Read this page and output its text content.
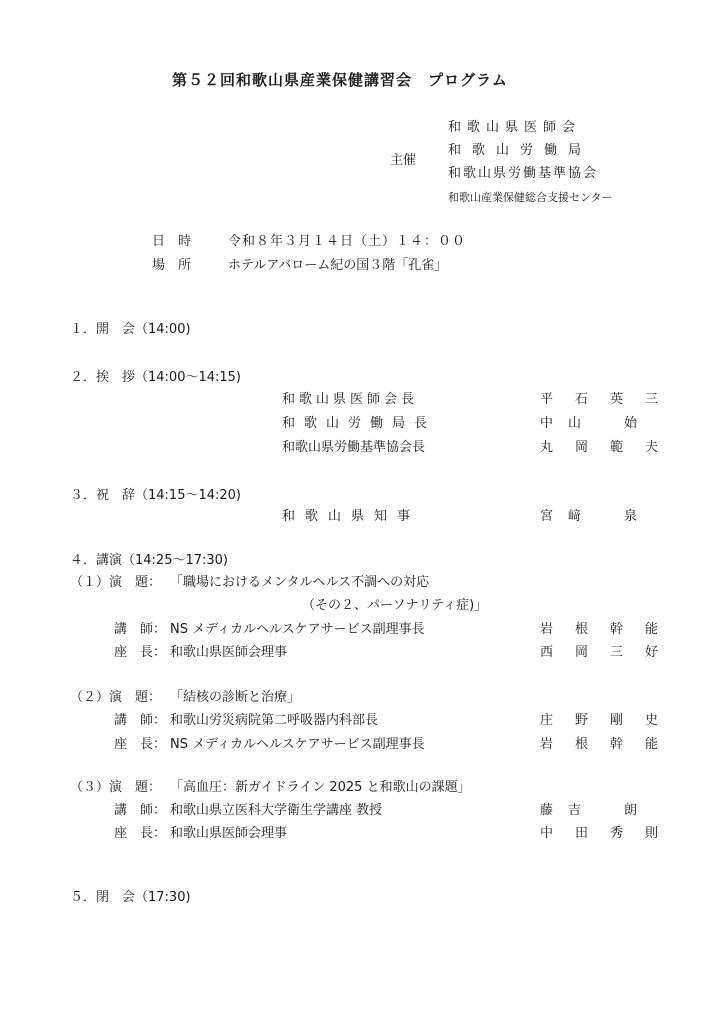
第５２回和歌山県産業保健講習会　プログラム
主催
和歌山県医師会
和歌山労働局
和歌山県労働基準協会
和歌山産業保健総合支援センター
日　時	令和８年３月１４日（土）１４：００
場　所	ホテルアバローム紀の国３階「孔雀」
１．開　会（14:00)
２．挨　拶（14:00～14:15)
和歌山県医師会長	平石英三
和歌山労働局長	中山　始
和歌山県労働基準協会長	丸岡範夫
３．祝　辞（14:15～14:20)
和歌山県知事	宮﨑　泉
４．講演（14:25～17:30)
（１）演　題： 「職場におけるメンタルヘルス不調への対応
（その２、パーソナリティ症)」
講　師： NS メディカルヘルスケアサービス副理事長	岩根幹能
座　長： 和歌山県医師会理事	西岡三好
（２）演　題： 「結核の診断と治療」
講　師： 和歌山労災病院第二呼吸器内科部長	庄野剛史
座　長： NS メディカルヘルスケアサービス副理事長	岩根幹能
（３）演　題： 「高血圧：新ガイドライン 2025 と和歌山の課題」
講　師： 和歌山県立医科大学衛生学講座 教授	藤吉　朗
座　長： 和歌山県医師会理事	中田秀則
５．閉　会（17:30)
